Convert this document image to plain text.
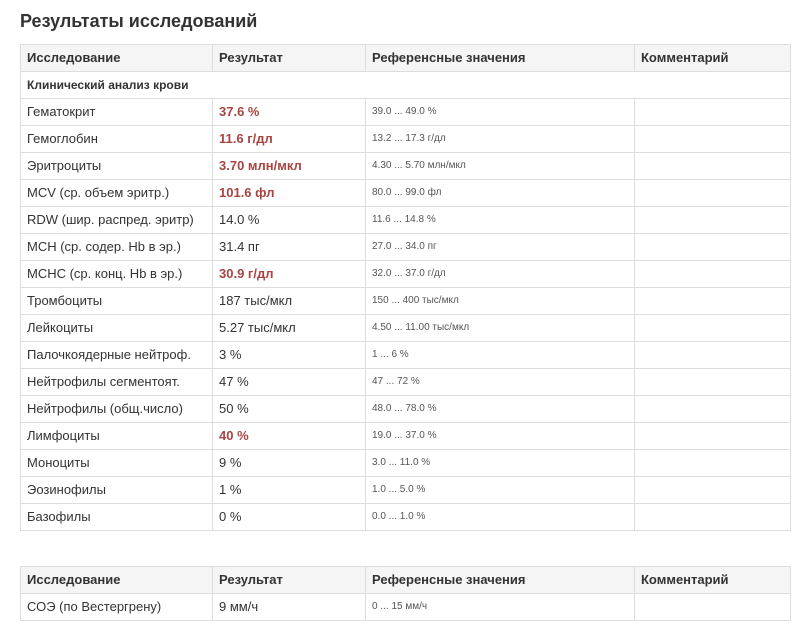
Результаты исследований
Исследование	Результат	Референсные значения	Комментарий
Клинический анализ крови			
Гематокрит	37.6 %	39.0 ... 49.0 %	
Гемоглобин	11.6 г/дл	13.2 ... 17.3 г/дл	
Эритроциты	3.70 млн/мкл	4.30 ... 5.70 млн/мкл	
MCV (ср. объем эритр.)	101.6 фл	80.0 ... 99.0 фл	
RDW (шир. распред. эритр)	14.0 %	11.6 ... 14.8 %	
MCH (ср. содер. Hb в эр.)	31.4 пг	27.0 ... 34.0 пг	
MCHC (ср. конц. Hb в эр.)	30.9 г/дл	32.0 ... 37.0 г/дл	
Тромбоциты	187 тыс/мкл	150 ... 400 тыс/мкл	
Лейкоциты	5.27 тыс/мкл	4.50 ... 11.00 тыс/мкл	
Палочкоядерные нейтроф.	3 %	1 ... 6 %	
Нейтрофилы сегментоят.	47 %	47 ... 72 %	
Нейтрофилы (общ.число)	50 %	48.0 ... 78.0 %	
Лимфоциты	40 %	19.0 ... 37.0 %	
Моноциты	9 %	3.0 ... 11.0 %	
Эозинофилы	1 %	1.0 ... 5.0 %	
Базофилы	0 %	0.0 ... 1.0 %	
Исследование	Результат	Референсные значения	Комментарий
СОЭ (по Вестергрену)	9 мм/ч	0 ... 15 мм/ч	
